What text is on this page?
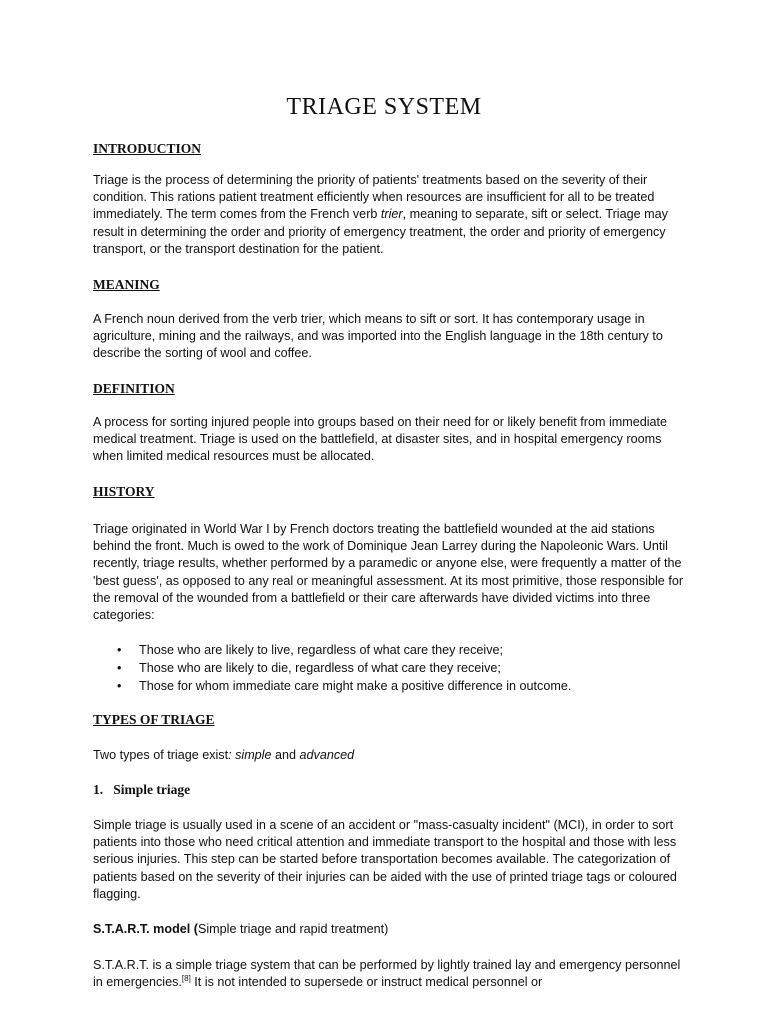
TRIAGE SYSTEM
INTRODUCTION

Triage is the process of determining the priority of patients' treatments based on the severity of their condition. This rations patient treatment efficiently when resources are insufficient for all to be treated immediately. The term comes from the French verb trier, meaning to separate, sift or select. Triage may result in determining the order and priority of emergency treatment, the order and priority of emergency transport, or the transport destination for the patient.

MEANING

A French noun derived from the verb trier, which means to sift or sort. It has contemporary usage in agriculture, mining and the railways, and was imported into the English language in the 18th century to describe the sorting of wool and coffee.

DEFINITION

A process for sorting injured people into groups based on their need for or likely benefit from immediate medical treatment. Triage is used on the battlefield, at disaster sites, and in hospital emergency rooms when limited medical resources must be allocated.

HISTORY

Triage originated in World War I by French doctors treating the battlefield wounded at the aid stations behind the front. Much is owed to the work of Dominique Jean Larrey during the Napoleonic Wars. Until recently, triage results, whether performed by a paramedic or anyone else, were frequently a matter of the 'best guess', as opposed to any real or meaningful assessment. At its most primitive, those responsible for the removal of the wounded from a battlefield or their care afterwards have divided victims into three categories:

• Those who are likely to live, regardless of what care they receive;
• Those who are likely to die, regardless of what care they receive;
• Those for whom immediate care might make a positive difference in outcome.
TYPES OF TRIAGE
Two types of triage exist: simple and advanced
1.   Simple triage

Simple triage is usually used in a scene of an accident or "mass-casualty incident" (MCI), in order to sort patients into those who need critical attention and immediate transport to the hospital and those with less serious injuries. This step can be started before transportation becomes available. The categorization of patients based on the severity of their injuries can be aided with the use of printed triage tags or coloured flagging.

S.T.A.R.T. model (Simple triage and rapid treatment)

S.T.A.R.T. is a simple triage system that can be performed by lightly trained lay and emergency personnel in emergencies.[8] It is not intended to supersede or instruct medical personnel or
